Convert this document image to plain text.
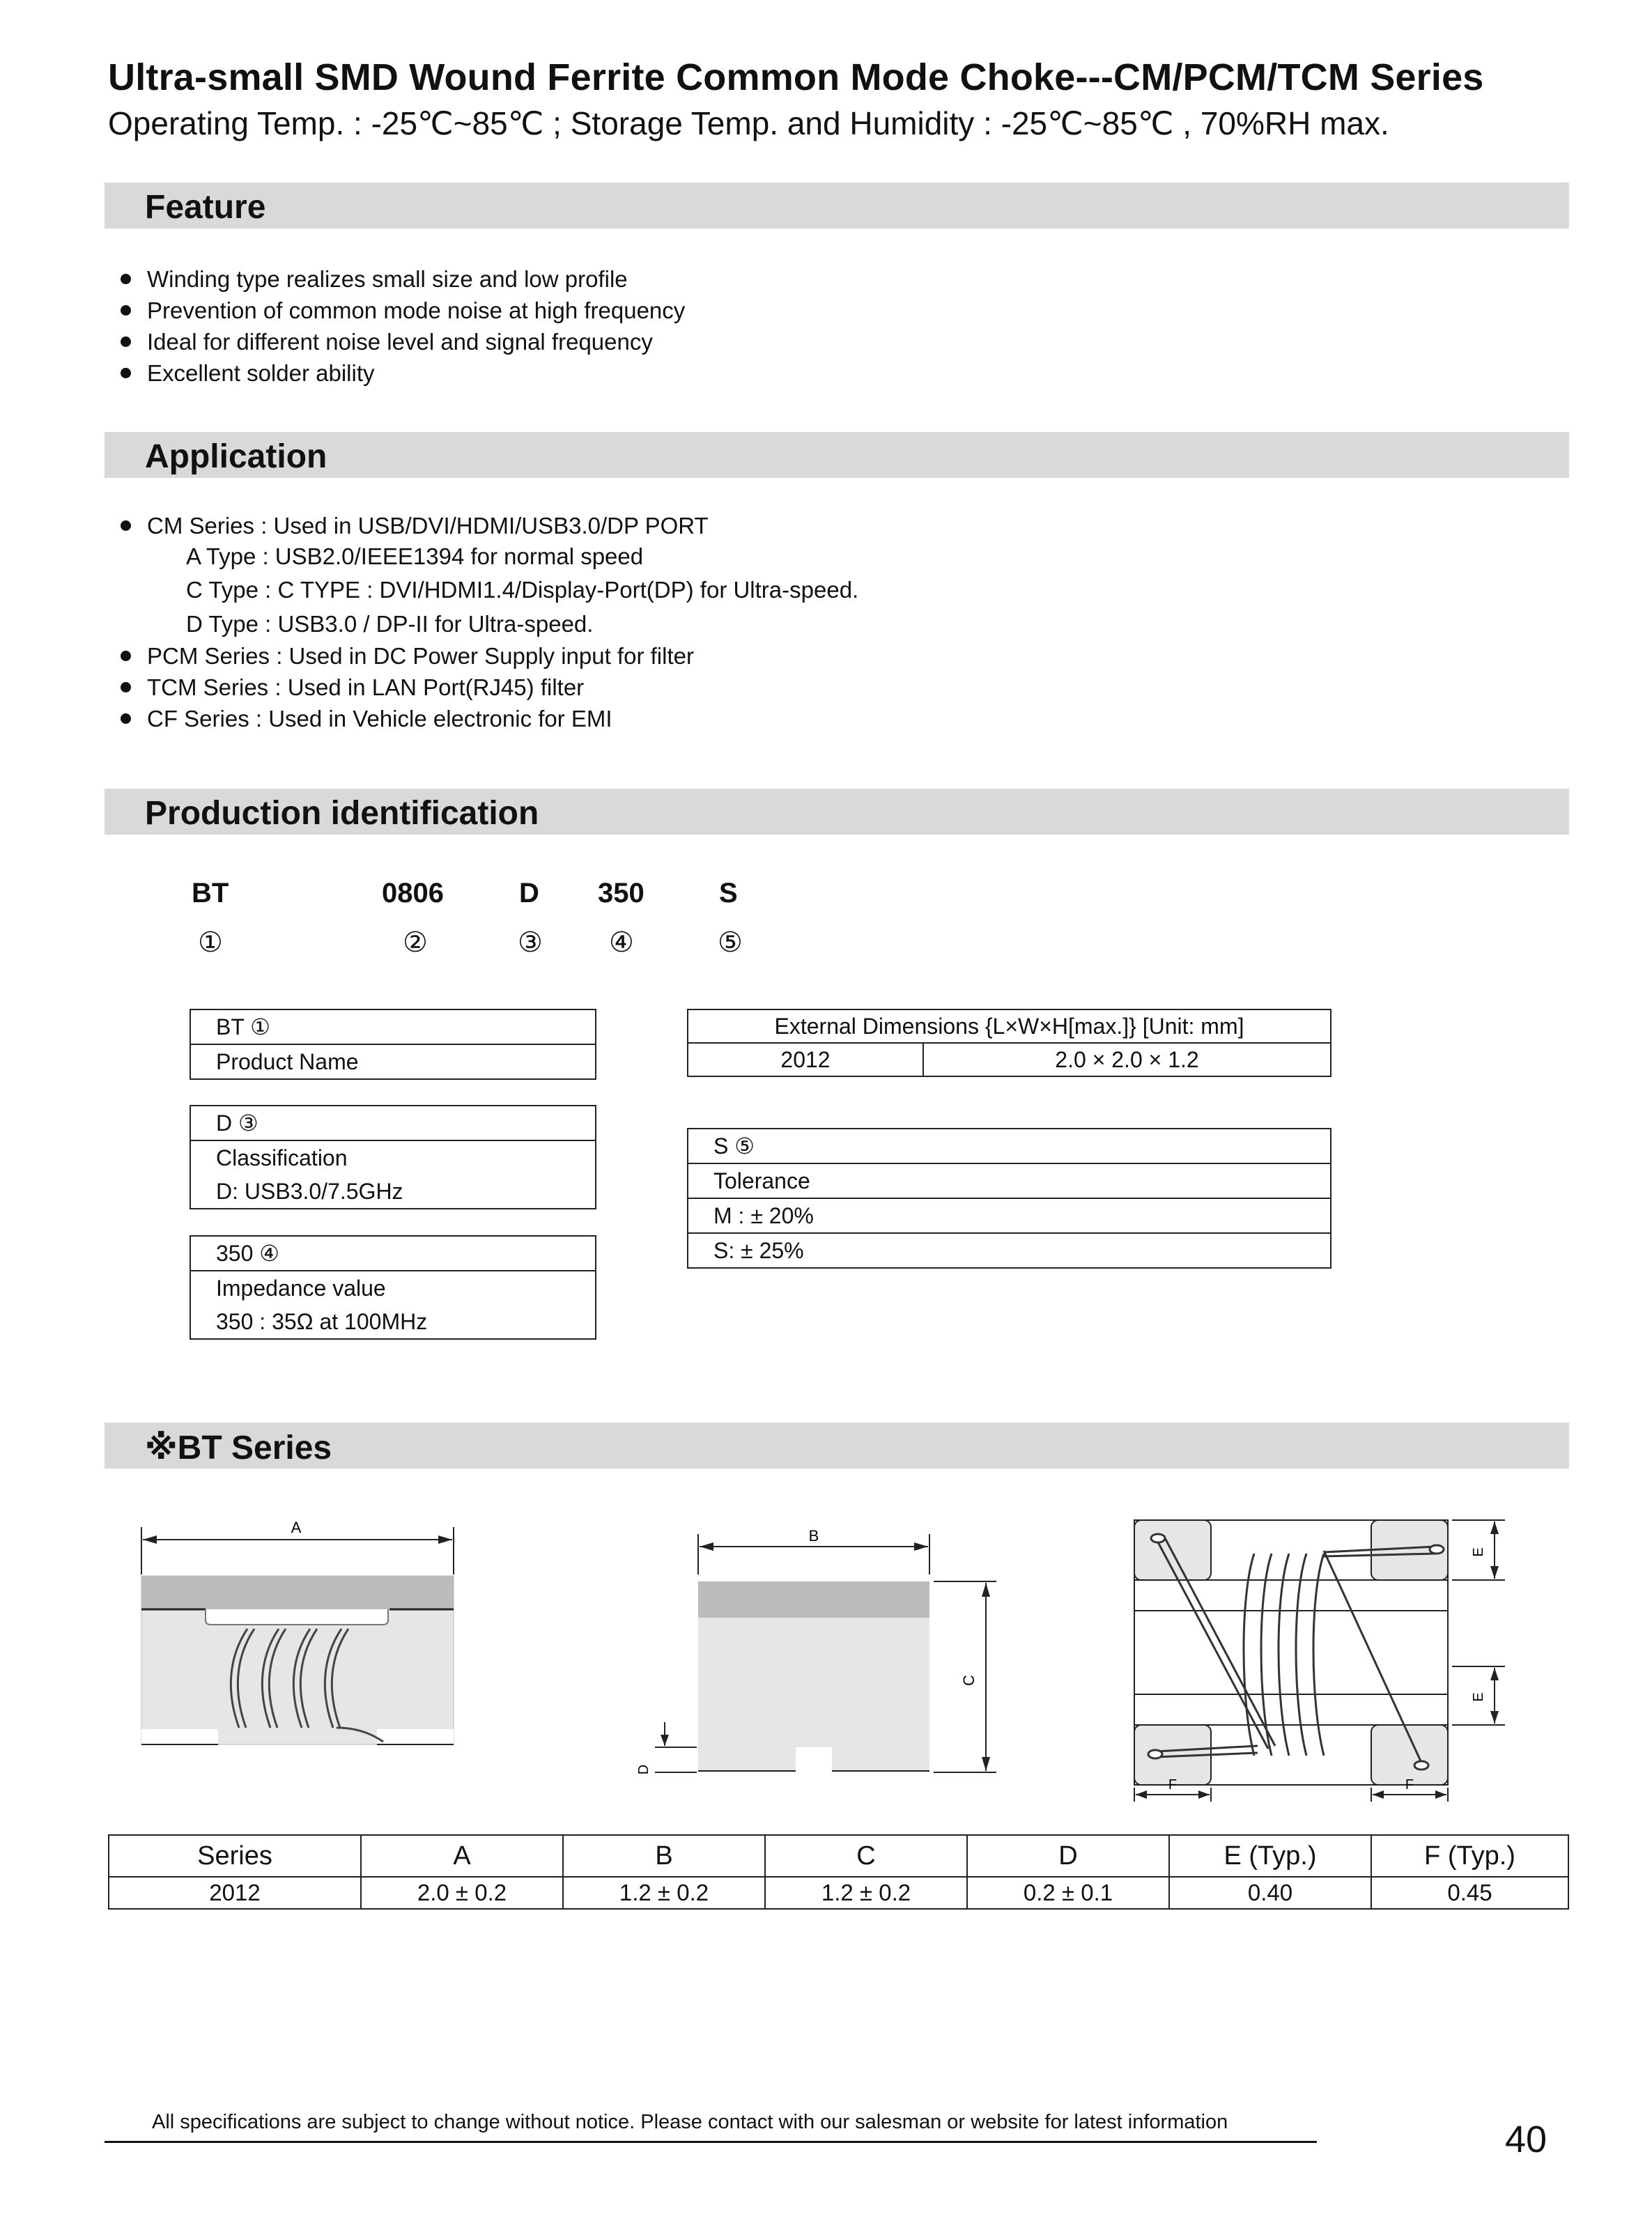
Ultra-small SMD Wound Ferrite Common Mode Choke---CM/PCM/TCM Series
Operating Temp. : -25℃~85℃ ; Storage Temp. and Humidity : -25℃~85℃ , 70%RH max.
Feature
Winding type realizes small size and low profile
Prevention of common mode noise at high frequency
Ideal for different noise level and signal frequency
Excellent solder ability
Application
CM Series : Used in USB/DVI/HDMI/USB3.0/DP PORT
A Type : USB2.0/IEEE1394 for normal speed
C Type : C TYPE : DVI/HDMI1.4/Display-Port(DP) for Ultra-speed.
D Type : USB3.0 / DP-II for Ultra-speed.
PCM Series : Used in DC Power Supply input for filter
TCM Series : Used in LAN Port(RJ45) filter
CF Series : Used in Vehicle electronic for EMI
Production identification
BT	0806	D 350	S
①	②	③ ④	⑤
BT ①
Product Name
D ③
Classification
D: USB3.0/7.5GHz
350 ④
Impedance value
350 : 35Ω at 100MHz
External Dimensions {L×W×H[max.]} [Unit: mm]
2012	2.0 × 2.0 × 1.2
S ⑤
Tolerance
M : ± 20%
S: ± 25%
※BT Series
A	B
C
D
E
E
F	F
Series	A	B	C	D	E (Typ.)	F (Typ.)
2012	2.0 ± 0.2	1.2 ± 0.2	1.2 ± 0.2	0.2 ± 0.1	0.40	0.45
All specifications are subject to change without notice. Please contact with our salesman or website for latest information	40
